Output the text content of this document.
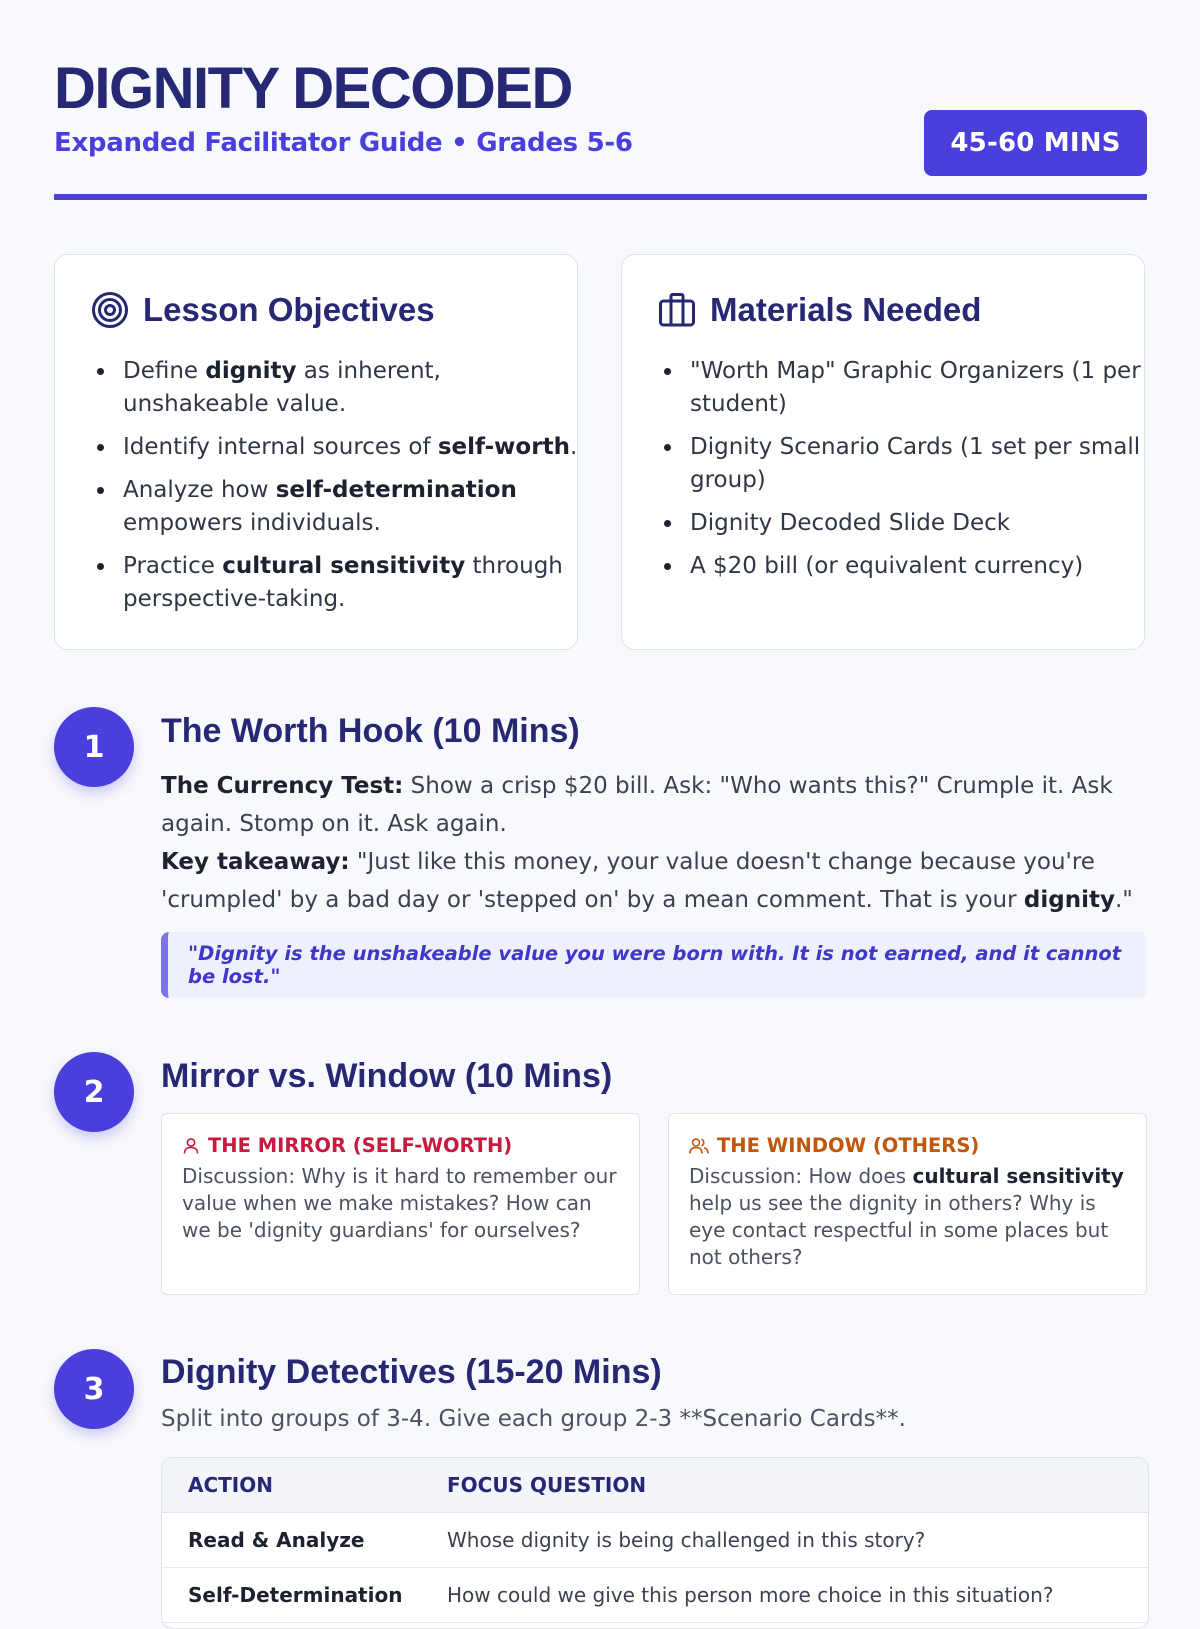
DIGNITY DECODED
Expanded Facilitator Guide • Grades 5-6	45-60 MINS
Lesson Objectives
Define dignity as inherent, unshakeable value.
Identify internal sources of self-worth.
Analyze how self-determination empowers individuals.
Practice cultural sensitivity through perspective-taking.
Materials Needed
"Worth Map" Graphic Organizers (1 per student)
Dignity Scenario Cards (1 set per small group)
Dignity Decoded Slide Deck
A $20 bill (or equivalent currency)
1	The Worth Hook (10 Mins)
The Currency Test: Show a crisp $20 bill. Ask: "Who wants this?" Crumple it. Ask again. Stomp on it. Ask again.
Key takeaway: "Just like this money, your value doesn't change because you're 'crumpled' by a bad day or 'stepped on' by a mean comment. That is your dignity."
"Dignity is the unshakeable value you were born with. It is not earned, and it cannot be lost."
2	Mirror vs. Window (10 Mins)
THE MIRROR (SELF-WORTH)
Discussion: Why is it hard to remember our value when we make mistakes? How can we be 'dignity guardians' for ourselves?
THE WINDOW (OTHERS)
Discussion: How does cultural sensitivity help us see the dignity in others? Why is eye contact respectful in some places but not others?
3	Dignity Detectives (15-20 Mins)
Split into groups of 3-4. Give each group 2-3 **Scenario Cards**.
ACTION	FOCUS QUESTION
Read & Analyze	Whose dignity is being challenged in this story?
Self-Determination	How could we give this person more choice in this situation?
